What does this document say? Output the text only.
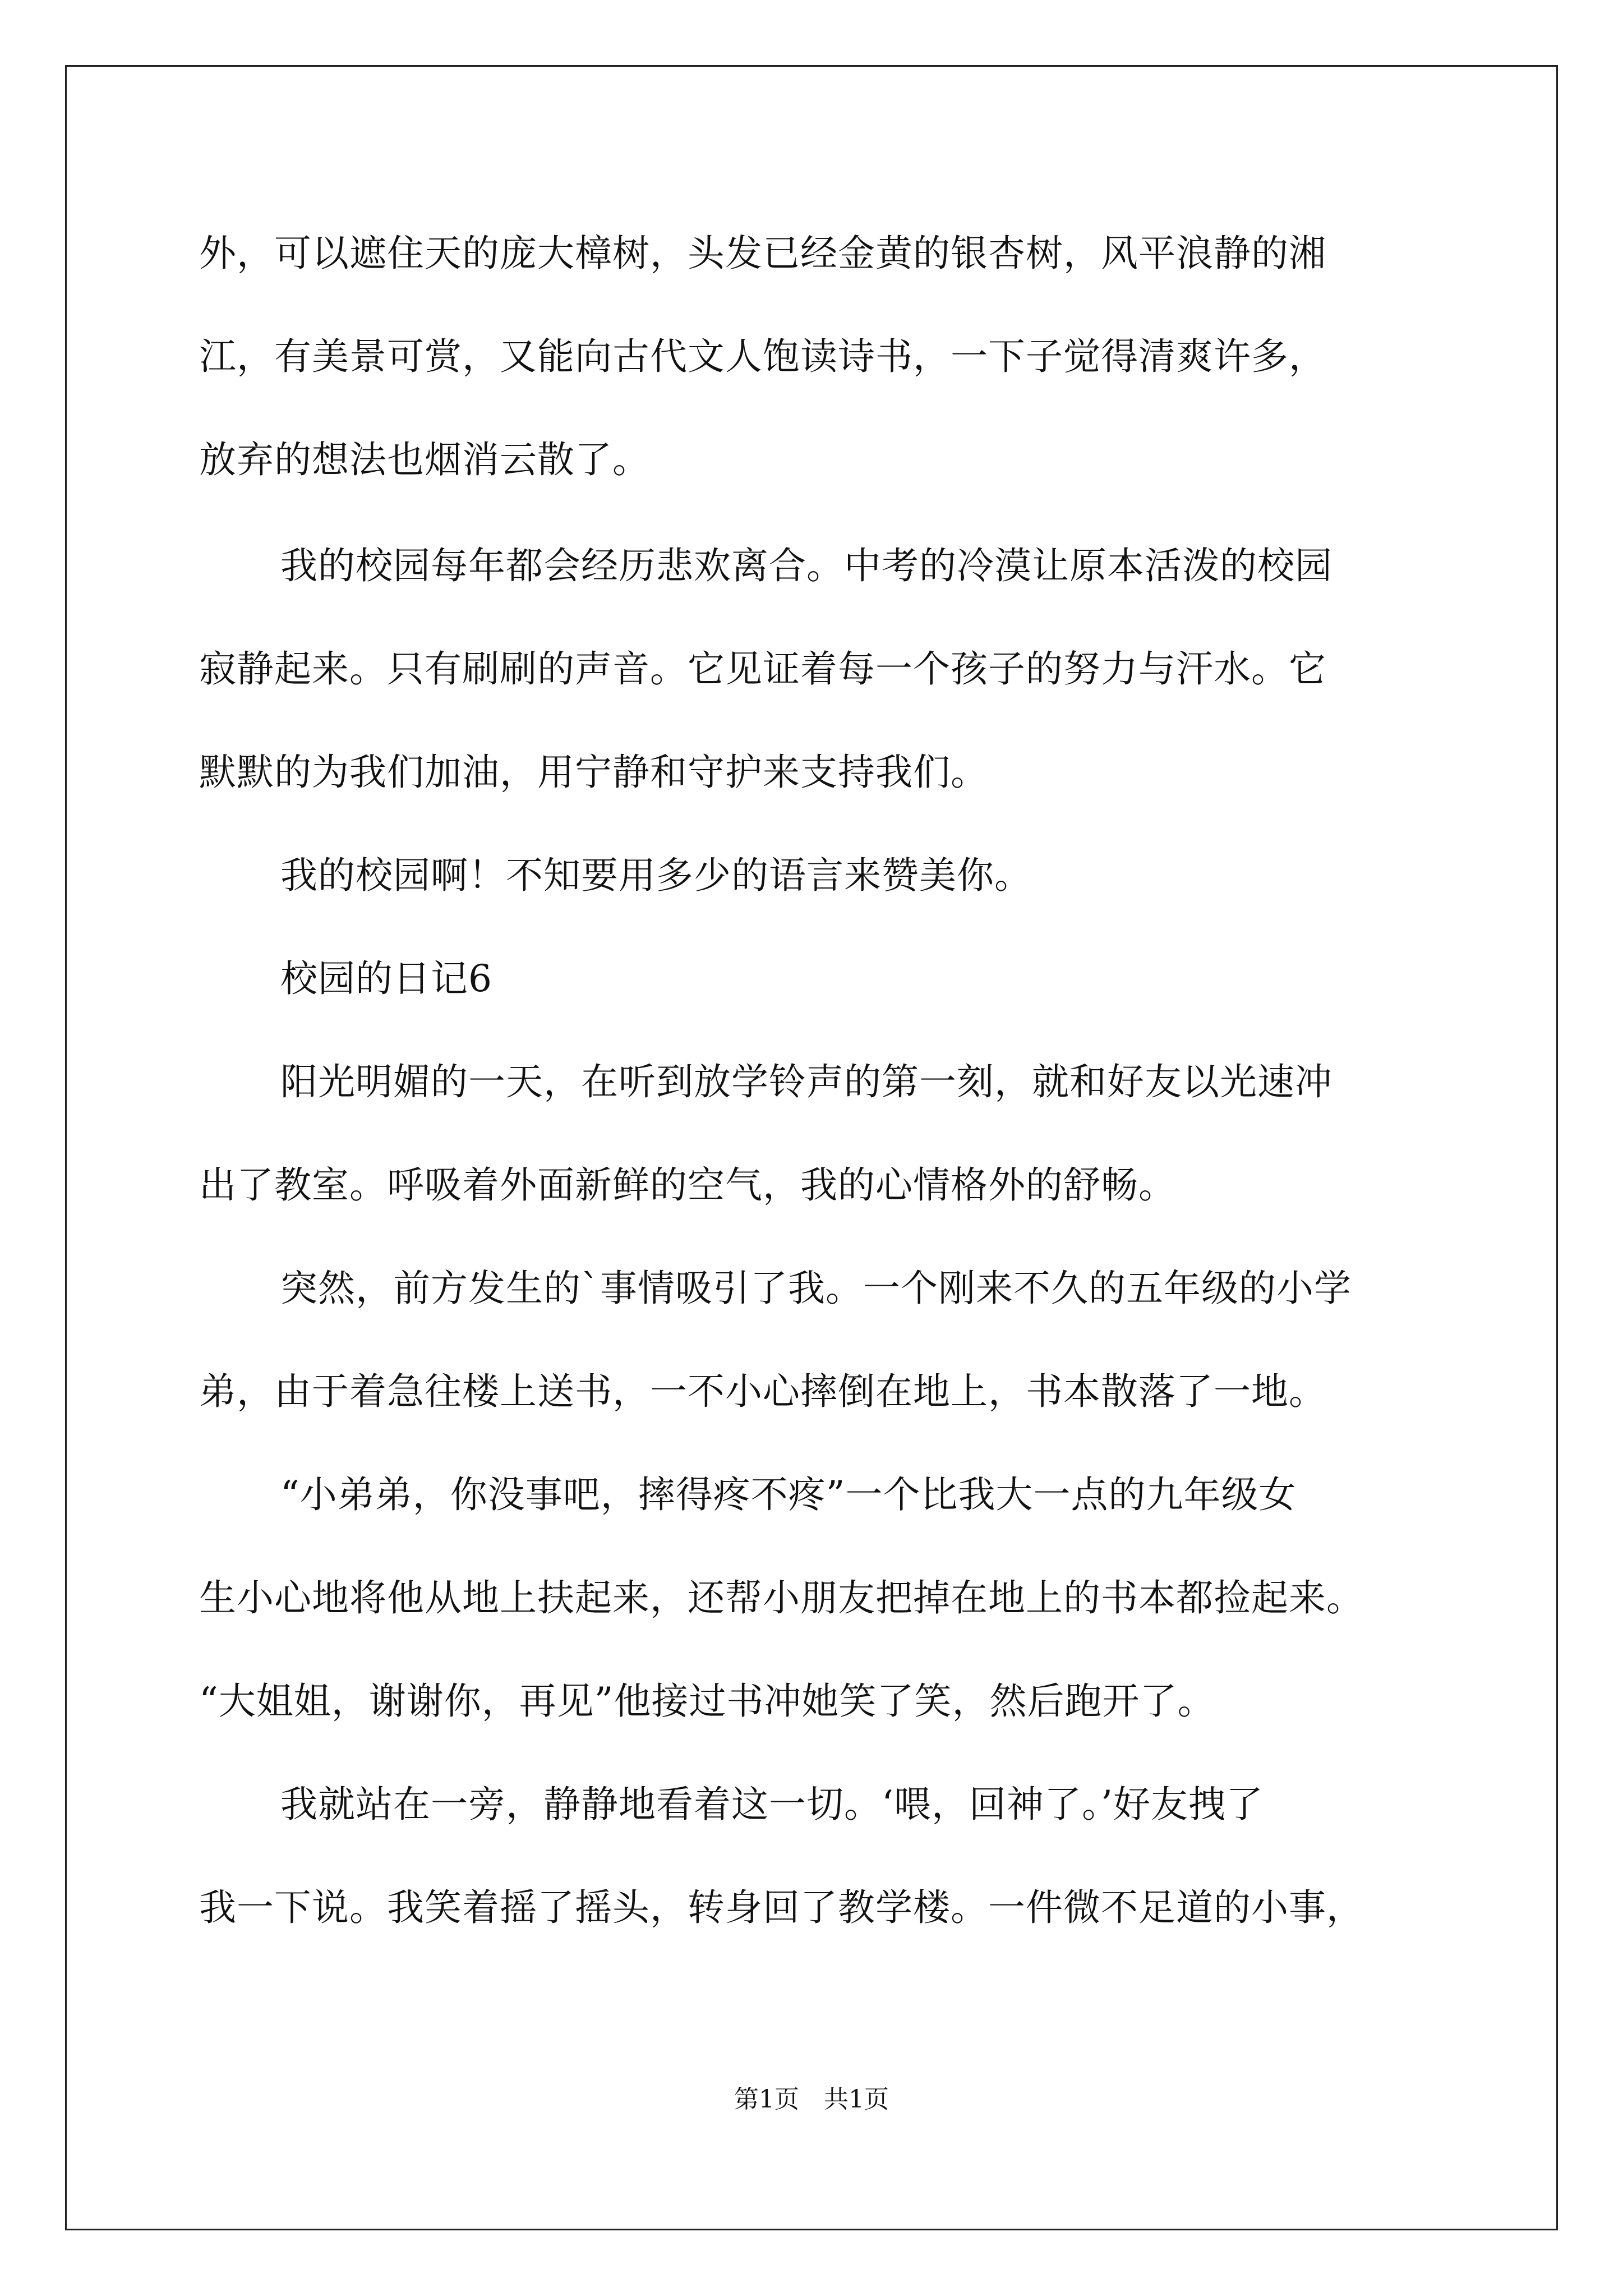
外，可以遮住天的庞大樟树，头发已经金黄的银杏树，风平浪静的湘
江，有美景可赏，又能向古代文人饱读诗书，一下子觉得清爽许多，
放弃的想法也烟消云散了。
我的校园每年都会经历悲欢离合。中考的冷漠让原本活泼的校园
寂静起来。只有刷刷的声音。它见证着每一个孩子的努力与汗水。它
默默的为我们加油，用宁静和守护来支持我们。
我的校园啊！不知要用多少的语言来赞美你。
校园的日记6
阳光明媚的一天，在听到放学铃声的第一刻，就和好友以光速冲
出了教室。呼吸着外面新鲜的空气，我的心情格外的舒畅。
突然，前方发生的`事情吸引了我。一个刚来不久的五年级的小学
弟，由于着急往楼上送书，一不小心摔倒在地上，书本散落了一地。
“小弟弟，你没事吧，摔得疼不疼”一个比我大一点的九年级女
生小心地将他从地上扶起来，还帮小朋友把掉在地上的书本都捡起来。
“大姐姐，谢谢你，再见”他接过书冲她笑了笑，然后跑开了。
我就站在一旁，静静地看着这一切。‘喂，回神了。’好友拽了
我一下说。我笑着摇了摇头，转身回了教学楼。一件微不足道的小事，
第1页　共1页
